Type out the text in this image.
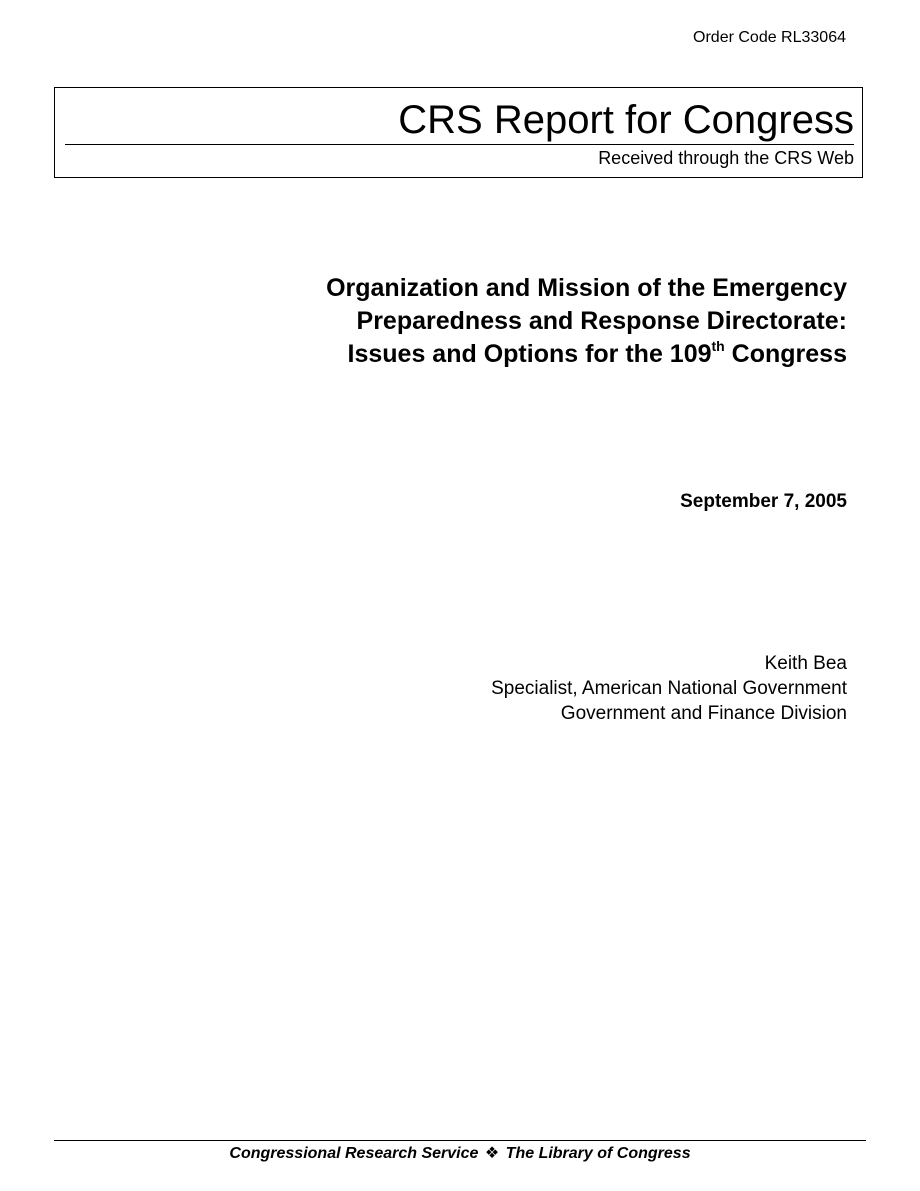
Order Code RL33064
CRS Report for Congress
Received through the CRS Web
Organization and Mission of the Emergency
Preparedness and Response Directorate:
Issues and Options for the 109th Congress
September 7, 2005
Keith Bea
Specialist, American National Government
Government and Finance Division
Congressional Research Service ❖ The Library of Congress
